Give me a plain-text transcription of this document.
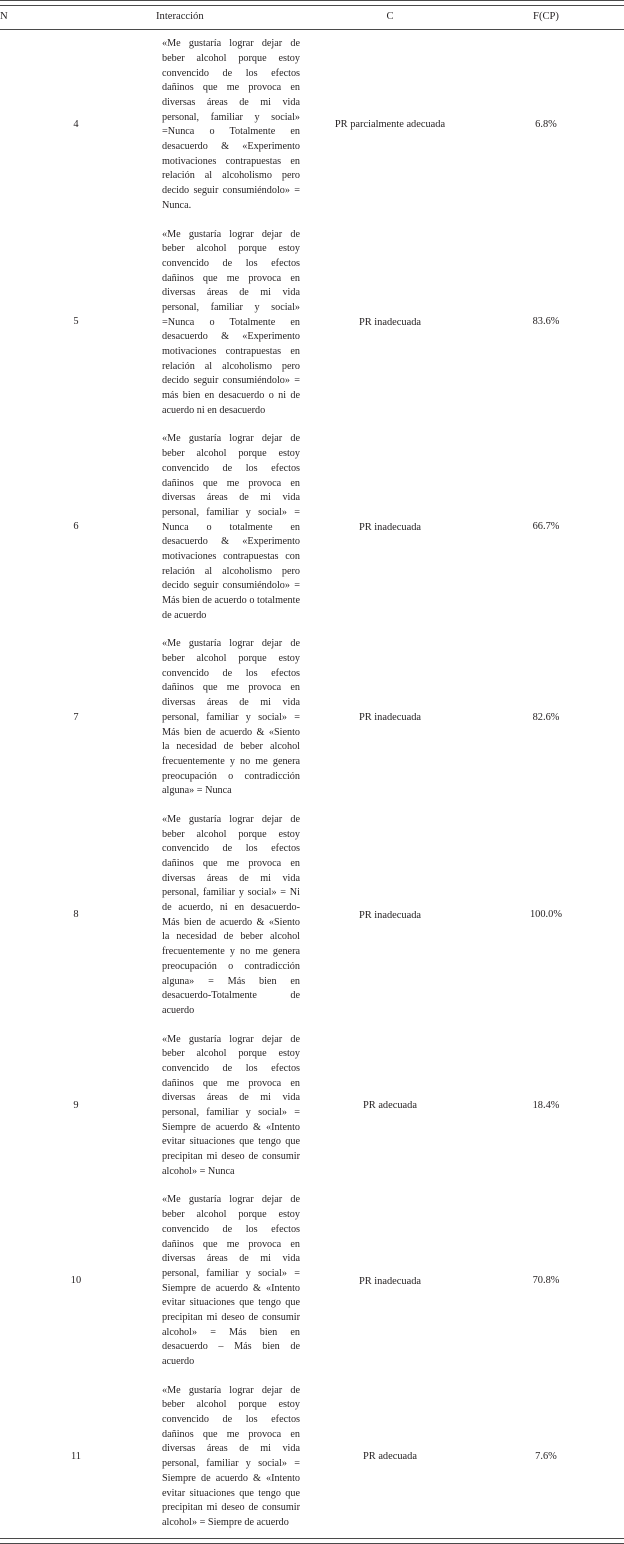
N	Interacción	C	F(CP)
4	«Me gustaría lograr dejar de beber alcohol porque estoy convencido de los efectos dañinos que me provoca en diversas áreas de mi vida personal, familiar y social» =Nunca o Totalmente en desacuerdo & «Experimento motivaciones contrapuestas en relación al alcoholismo pero decido seguir consumiéndolo» = Nunca.	PR parcialmente adecuada	6.8%
5	«Me gustaría lograr dejar de beber alcohol porque estoy convencido de los efectos dañinos que me provoca en diversas áreas de mi vida personal, familiar y social» =Nunca o Totalmente en desacuerdo & «Experimento motivaciones contrapuestas en relación al alcoholismo pero decido seguir consumiéndolo» = más bien en desacuerdo o ni de acuerdo ni en desacuerdo	PR inadecuada	83.6%
6	«Me gustaría lograr dejar de beber alcohol porque estoy convencido de los efectos dañinos que me provoca en diversas áreas de mi vida personal, familiar y social» = Nunca o totalmente en desacuerdo & «Experimento motivaciones contrapuestas con relación al alcoholismo pero decido seguir consumiéndolo» = Más bien de acuerdo o totalmente de acuerdo	PR inadecuada	66.7%
7	«Me gustaría lograr dejar de beber alcohol porque estoy convencido de los efectos dañinos que me provoca en diversas áreas de mi vida personal, familiar y social» = Más bien de acuerdo & «Siento la necesidad de beber alcohol frecuentemente y no me genera preocupación o contradicción alguna» = Nunca	PR inadecuada	82.6%
8	«Me gustaría lograr dejar de beber alcohol porque estoy convencido de los efectos dañinos que me provoca en diversas áreas de mi vida personal, familiar y social» = Ni de acuerdo, ni en desacuerdo-Más bien de acuerdo & «Siento la necesidad de beber alcohol frecuentemente y no me genera preocupación o contradicción alguna» = Más bien en desacuerdo-Totalmente de acuerdo	PR inadecuada	100.0%
9	«Me gustaría lograr dejar de beber alcohol porque estoy convencido de los efectos dañinos que me provoca en diversas áreas de mi vida personal, familiar y social» = Siempre de acuerdo & «Intento evitar situaciones que tengo que precipitan mi deseo de consumir alcohol» = Nunca	PR adecuada	18.4%
10	«Me gustaría lograr dejar de beber alcohol porque estoy convencido de los efectos dañinos que me provoca en diversas áreas de mi vida personal, familiar y social» = Siempre de acuerdo & «Intento evitar situaciones que tengo que precipitan mi deseo de consumir alcohol» = Más bien en desacuerdo – Más bien de acuerdo	PR inadecuada	70.8%
11	«Me gustaría lograr dejar de beber alcohol porque estoy convencido de los efectos dañinos que me provoca en diversas áreas de mi vida personal, familiar y social» = Siempre de acuerdo & «Intento evitar situaciones que tengo que precipitan mi deseo de consumir alcohol» = Siempre de acuerdo	PR adecuada	7.6%
